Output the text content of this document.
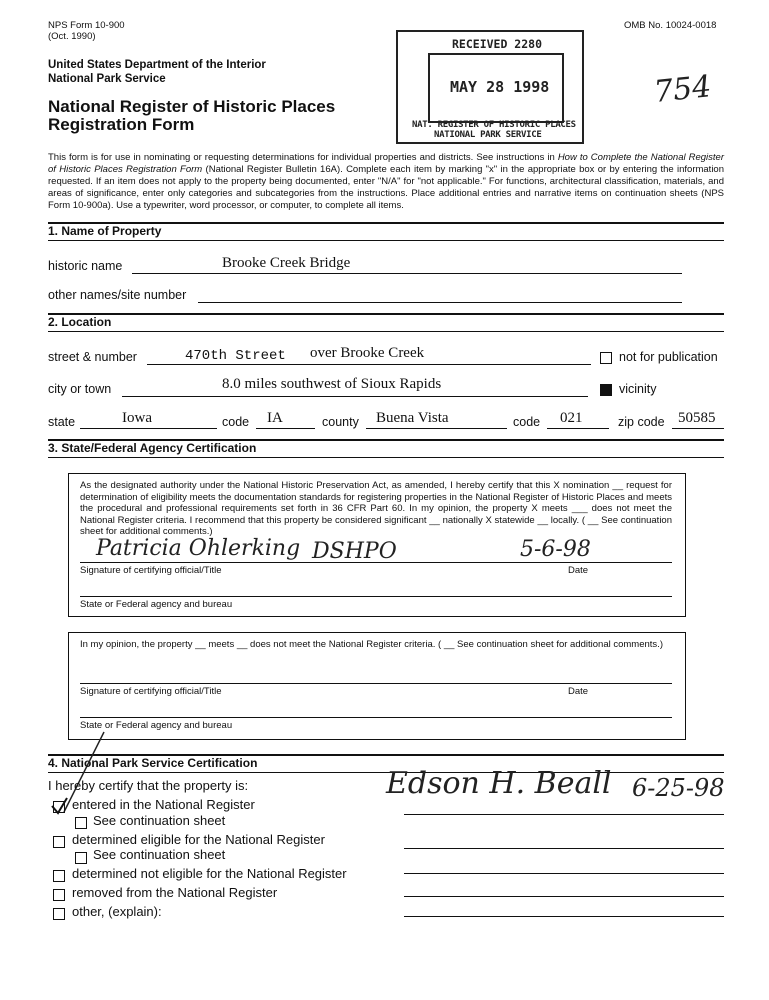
NPS Form 10-900
(Oct. 1990)
OMB No. 10024-0018
United States Department of the Interior
National Park Service
National Register of Historic Places
Registration Form
RECEIVED 2280
MAY 28 1998
NAT. REGISTER OF HISTORIC PLACES
NATIONAL PARK SERVICE
754
This form is for use in nominating or requesting determinations for individual properties and districts. See instructions in How to Complete the National Register of Historic Places Registration Form (National Register Bulletin 16A). Complete each item by marking "x" in the appropriate box or by entering the information requested. If an item does not apply to the property being documented, enter "N/A" for "not applicable." For functions, architectural classification, materials, and areas of significance, enter only categories and subcategories from the instructions. Place additional entries and narrative items on continuation sheets (NPS Form 10-900a). Use a typewriter, word processor, or computer, to complete all items.
1. Name of Property
historic name	Brooke Creek Bridge
other names/site number
2. Location
street & number	470th Street over Brooke Creek	not for publication
city or town	8.0 miles southwest of Sioux Rapids	vicinity
state	Iowa	code IA	county Buena Vista	code 021	zip code 50585
3. State/Federal Agency Certification
As the designated authority under the National Historic Preservation Act, as amended, I hereby certify that this X nomination __ request for determination of eligibility meets the documentation standards for registering properties in the National Register of Historic Places and meets the procedural and professional requirements set forth in 36 CFR Part 60. In my opinion, the property X meets ___ does not meet the National Register criteria. I recommend that this property be considered significant __ nationally X statewide __ locally. ( __ See continuation sheet for additional comments.)
Patricia Ohlerking DSHPO	5-6-98
Signature of certifying official/Title	Date
State or Federal agency and bureau
In my opinion, the property __ meets __ does not meet the National Register criteria. ( __ See continuation sheet for additional comments.)
Signature of certifying official/Title	Date
State or Federal agency and bureau
4. National Park Service Certification
I hereby certify that the property is:	Edson H. Beall 6-25-98
entered in the National Register
See continuation sheet
determined eligible for the National Register
See continuation sheet
determined not eligible for the National Register
removed from the National Register
other, (explain):
